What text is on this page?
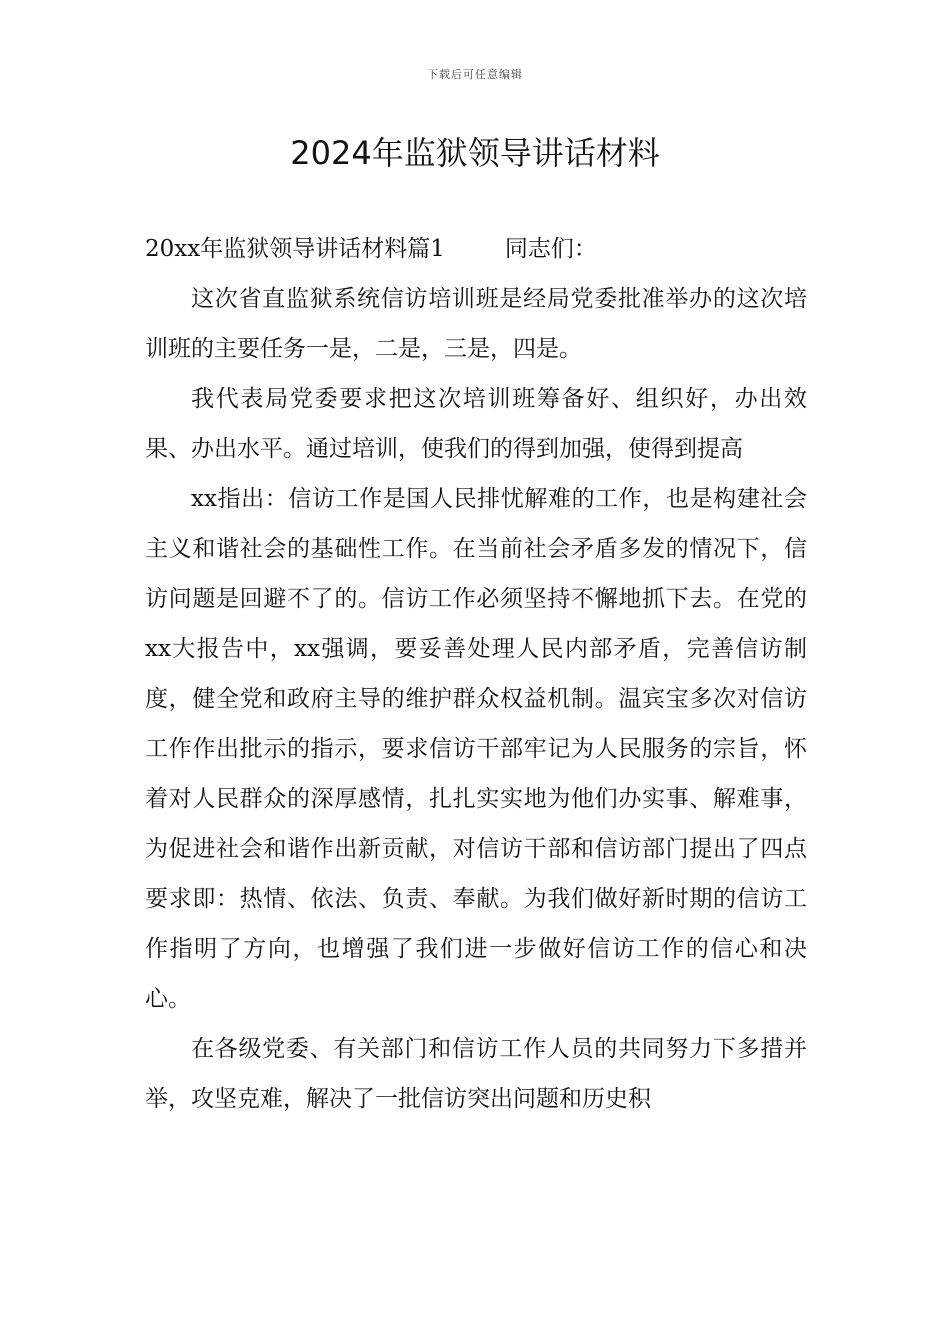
下载后可任意编辑
2024年监狱领导讲话材料

20xx年监狱领导讲话材料篇1	同志们：

这次省直监狱系统信访培训班是经局党委批准举办的这次培训班的主要任务一是，二是，三是，四是。

我代表局党委要求把这次培训班筹备好、组织好，办出效果、办出水平。通过培训，使我们的得到加强，使得到提高

xx指出：信访工作是国人民排忧解难的工作，也是构建社会主义和谐社会的基础性工作。在当前社会矛盾多发的情况下，信访问题是回避不了的。信访工作必须坚持不懈地抓下去。在党的xx大报告中，xx强调，要妥善处理人民内部矛盾，完善信访制度，健全党和政府主导的维护群众权益机制。温宾宝多次对信访工作作出批示的指示，要求信访干部牢记为人民服务的宗旨，怀着对人民群众的深厚感情，扎扎实实地为他们办实事、解难事，为促进社会和谐作出新贡献，对信访干部和信访部门提出了四点要求即：热情、依法、负责、奉献。为我们做好新时期的信访工作指明了方向，也增强了我们进一步做好信访工作的信心和决心。

在各级党委、有关部门和信访工作人员的共同努力下多措并举，攻坚克难，解决了一批信访突出问题和历史积
